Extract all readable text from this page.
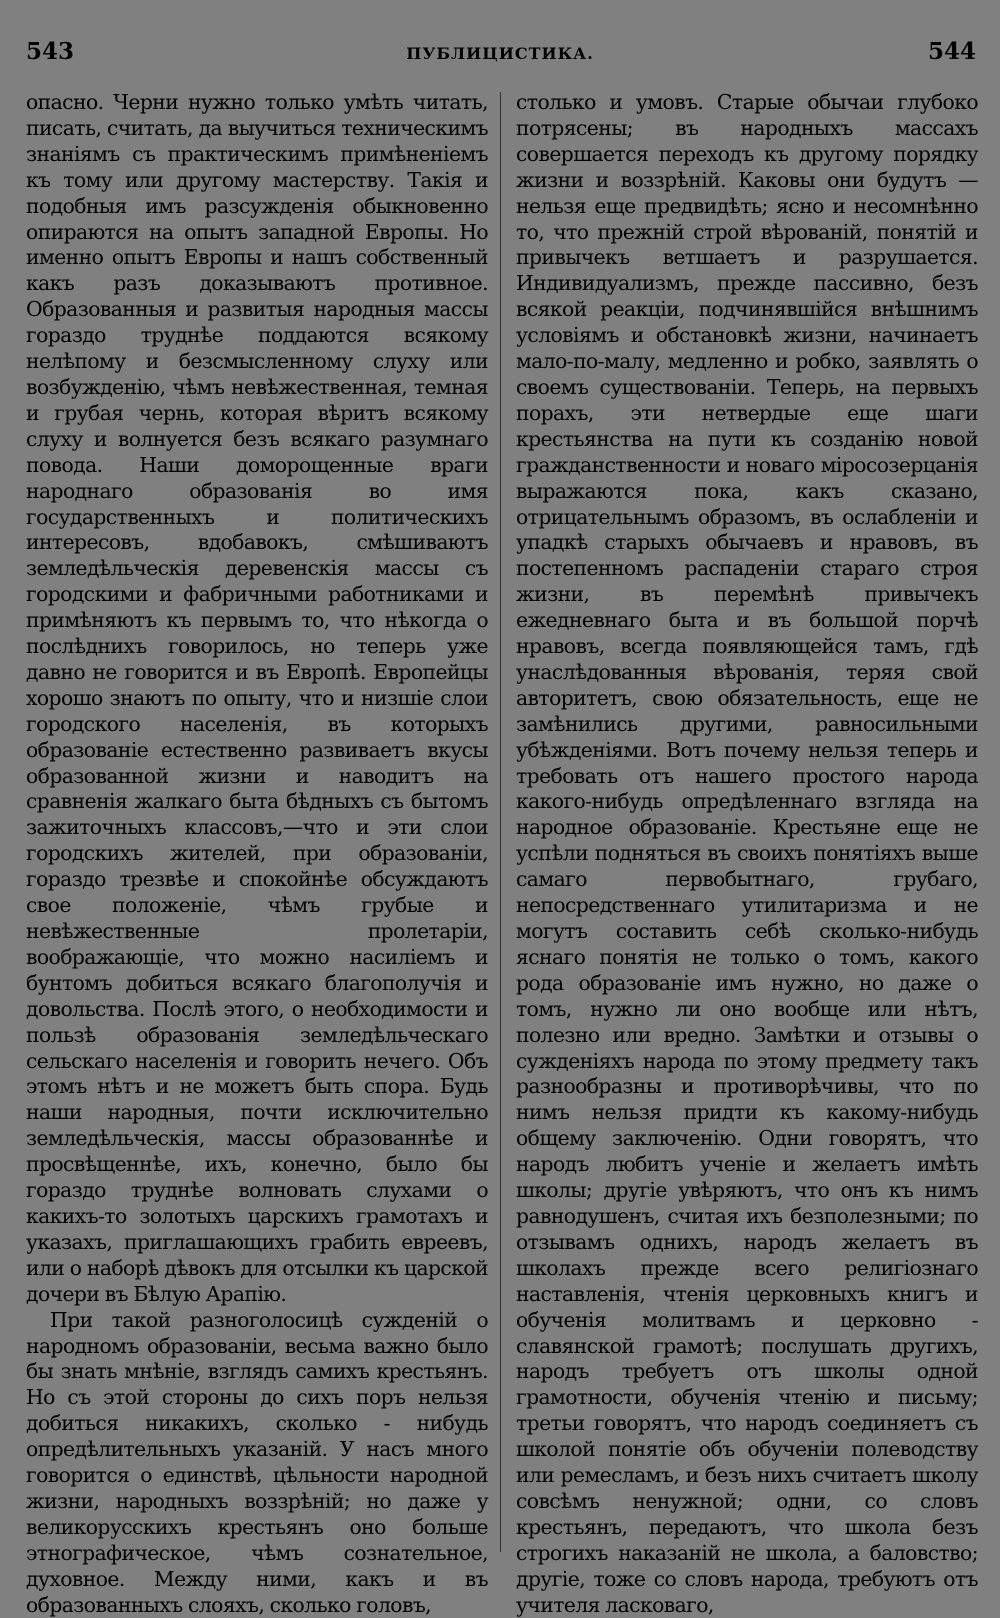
543	ПУБЛИЦИСТИКА.	544

опасно. Черни нужно только умѣть читать, писать, считать, да выучиться техническимъ знаніямъ съ практическимъ примѣненіемъ къ тому или другому мастерству. Такія и подобныя имъ разсужденія обыкновенно опираются на опытъ западной Европы. Но именно опытъ Европы и нашъ собственный какъ разъ доказываютъ противное. Образованныя и развитыя народныя массы гораздо труднѣе поддаются всякому нелѣпому и безсмысленному слуху или возбужденію, чѣмъ невѣжественная, темная и грубая чернь, которая вѣритъ всякому слуху и волнуется безъ всякаго разумнаго повода. Наши доморощенные враги народнаго образованія во имя государственныхъ и политическихъ интересовъ, вдобавокъ, смѣшиваютъ земледѣльческія деревенскія массы съ городскими и фабричными работниками и примѣняютъ къ первымъ то, что нѣкогда о послѣднихъ говорилось, но теперь уже давно не говорится и въ Европѣ. Европейцы хорошо знаютъ по опыту, что и низшіе слои городского населенія, въ которыхъ образованіе естественно развиваетъ вкусы образованной жизни и наводитъ на сравненія жалкаго быта бѣдныхъ съ бытомъ зажиточныхъ классовъ,—что и эти слои городскихъ жителей, при образованіи, гораздо трезвѣе и спокойнѣе обсуждаютъ свое положеніе, чѣмъ грубые и невѣжественные пролетаріи, воображающіе, что можно насиліемъ и бунтомъ добиться всякаго благополучія и довольства. Послѣ этого, о необходимости и пользѣ образованія земледѣльческаго сельскаго населенія и говорить нечего. Объ этомъ нѣтъ и не можетъ быть спора. Будь наши народныя, почти исключительно земледѣльческія, массы образованнѣе и просвѣщеннѣе, ихъ, конечно, было бы гораздо труднѣе волновать слухами о какихъ-то золотыхъ царскихъ грамотахъ и указахъ, приглашающихъ грабить евреевъ, или о наборѣ дѣвокъ для отсылки къ царской дочери въ Бѣлую Арапію.

При такой разноголосицѣ сужденій о народномъ образованіи, весьма важно было бы знать мнѣніе, взглядъ самихъ крестьянъ. Но съ этой стороны до сихъ поръ нельзя добиться никакихъ, сколько - нибудь опредѣлительныхъ указаній. У насъ много говорится о единствѣ, цѣльности народной жизни, народныхъ воззрѣній; но даже у великорусскихъ крестьянъ оно больше этнографическое, чѣмъ сознательное, духовное. Между ними, какъ и въ образованныхъ слояхъ, сколько головъ,

столько и умовъ. Старые обычаи глубоко потрясены; въ народныхъ массахъ совершается переходъ къ другому порядку жизни и воззрѣній. Каковы они будутъ — нельзя еще предвидѣть; ясно и несомнѣнно то, что прежній строй вѣрованій, понятій и привычекъ ветшаетъ и разрушается. Индивидуализмъ, прежде пассивно, безъ всякой реакціи, подчинявшійся внѣшнимъ условіямъ и обстановкѣ жизни, начинаетъ мало-по-малу, медленно и робко, заявлять о своемъ существованіи. Теперь, на первыхъ порахъ, эти нетвердые еще шаги крестьянства на пути къ созданію новой гражданственности и новаго міросозерцанія выражаются пока, какъ сказано, отрицательнымъ образомъ, въ ослабленіи и упадкѣ старыхъ обычаевъ и нравовъ, въ постепенномъ распаденіи стараго строя жизни, въ перемѣнѣ привычекъ ежедневнаго быта и въ большой порчѣ нравовъ, всегда появляющейся тамъ, гдѣ унаслѣдованныя вѣрованія, теряя свой авторитетъ, свою обязательность, еще не замѣнились другими, равносильными убѣжденіями. Вотъ почему нельзя теперь и требовать отъ нашего простого народа какого-нибудь опредѣленнаго взгляда на народное образованіе. Крестьяне еще не успѣли подняться въ своихъ понятіяхъ выше самаго первобытнаго, грубаго, непосредственнаго утилитаризма и не могутъ составить себѣ сколько-нибудь яснаго понятія не только о томъ, какого рода образованіе имъ нужно, но даже о томъ, нужно ли оно вообще или нѣтъ, полезно или вредно. Замѣтки и отзывы о сужденіяхъ народа по этому предмету такъ разнообразны и противорѣчивы, что по нимъ нельзя придти къ какому-нибудь общему заключенію. Одни говорятъ, что народъ любитъ ученіе и желаетъ имѣть школы; другіе увѣряютъ, что онъ къ нимъ равнодушенъ, считая ихъ безполезными; по отзывамъ однихъ, народъ желаетъ въ школахъ прежде всего религіознаго наставленія, чтенія церковныхъ книгъ и обученія молитвамъ и церковно - славянской грамотѣ; послушать другихъ, народъ требуетъ отъ школы одной грамотности, обученія чтенію и письму; третьи говорятъ, что народъ соединяетъ съ школой понятіе объ обученіи полеводству или ремесламъ, и безъ нихъ считаетъ школу совсѣмъ ненужной; одни, со словъ крестьянъ, передаютъ, что школа безъ строгихъ наказаній не школа, а баловство; другіе, тоже со словъ народа, требуютъ отъ учителя ласковаго,
